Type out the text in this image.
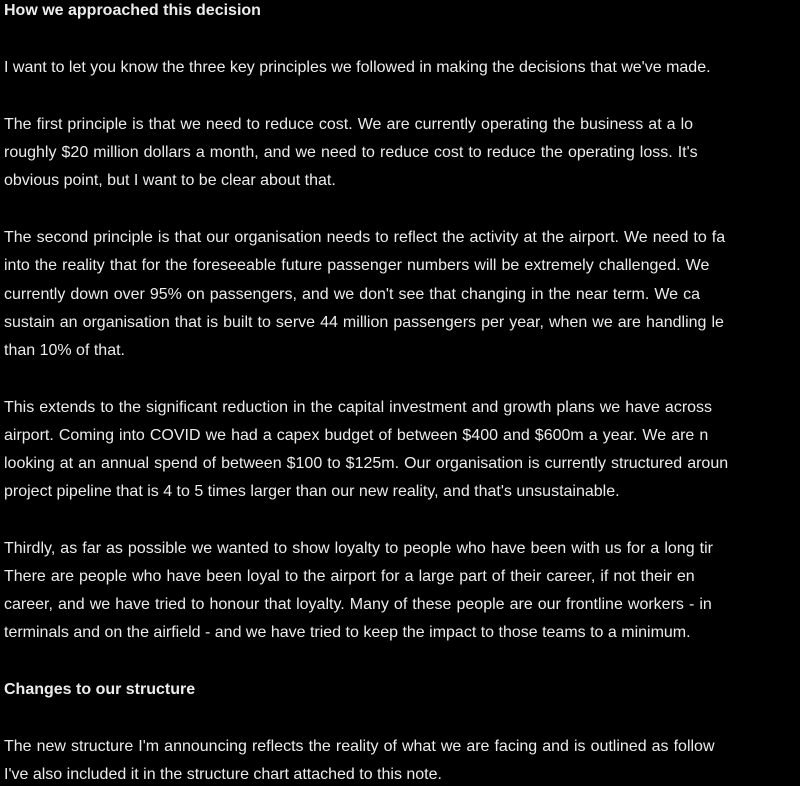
How we approached this decision
I want to let you know the three key principles we followed in making the decisions that we've made.
The first principle is that we need to reduce cost. We are currently operating the business at a lo
roughly $20 million dollars a month, and we need to reduce cost to reduce the operating loss. It's
obvious point, but I want to be clear about that.
The second principle is that our organisation needs to reflect the activity at the airport. We need to fa
into the reality that for the foreseeable future passenger numbers will be extremely challenged. We
currently down over 95% on passengers, and we don't see that changing in the near term. We ca
sustain an organisation that is built to serve 44 million passengers per year, when we are handling le
than 10% of that.
This extends to the significant reduction in the capital investment and growth plans we have across
airport. Coming into COVID we had a capex budget of between $400 and $600m a year. We are n
looking at an annual spend of between $100 to $125m. Our organisation is currently structured aroun
project pipeline that is 4 to 5 times larger than our new reality, and that's unsustainable.
Thirdly, as far as possible we wanted to show loyalty to people who have been with us for a long tir
There are people who have been loyal to the airport for a large part of their career, if not their en
career, and we have tried to honour that loyalty. Many of these people are our frontline workers - in
terminals and on the airfield - and we have tried to keep the impact to those teams to a minimum.
Changes to our structure
The new structure I'm announcing reflects the reality of what we are facing and is outlined as follow
I've also included it in the structure chart attached to this note.
